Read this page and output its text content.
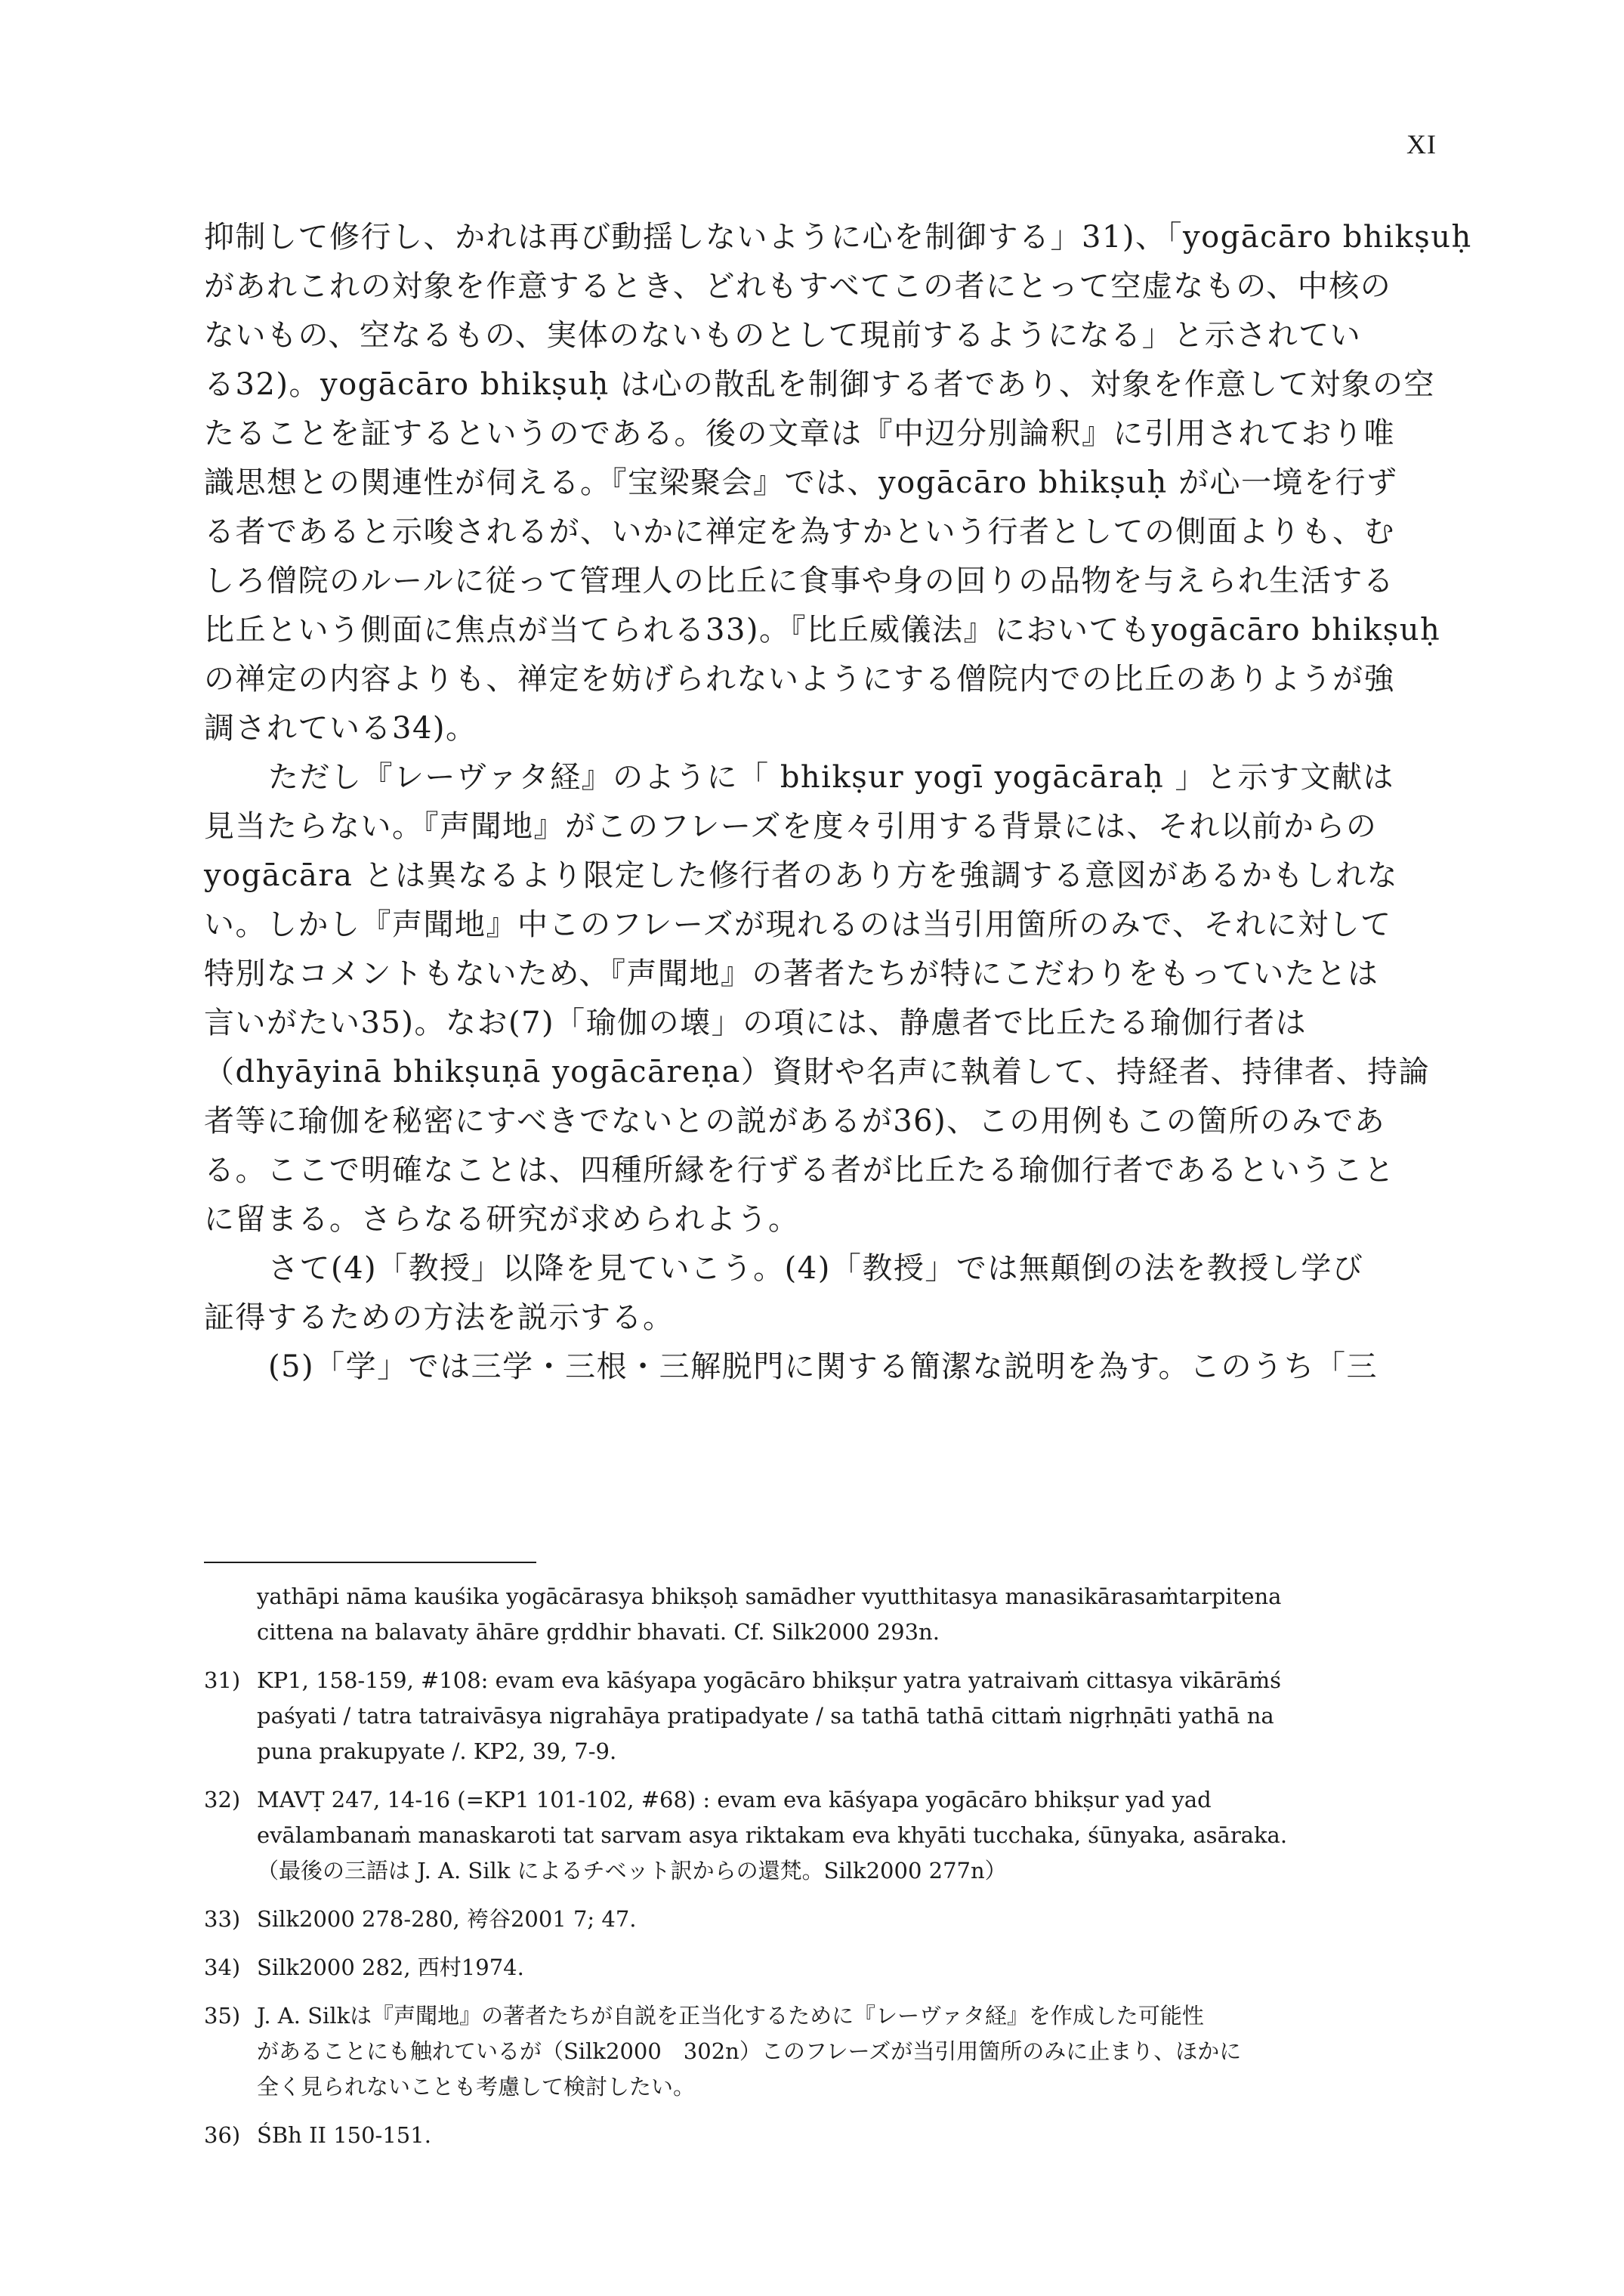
XI
抑制して修行し、かれは再び動揺しないように心を制御する」31)、「yogācāro bhikṣuḥ
があれこれの対象を作意するとき、どれもすべてこの者にとって空虚なもの、中核の
ないもの、空なるもの、実体のないものとして現前するようになる」と示されてい
る32)。yogācāro bhikṣuḥ は心の散乱を制御する者であり、対象を作意して対象の空
たることを証するというのである。後の文章は『中辺分別論釈』に引用されており唯
識思想との関連性が伺える。『宝梁聚会』では、yogācāro bhikṣuḥ が心一境を行ず
る者であると示唆されるが、いかに禅定を為すかという行者としての側面よりも、む
しろ僧院のルールに従って管理人の比丘に食事や身の回りの品物を与えられ生活する
比丘という側面に焦点が当てられる33)。『比丘威儀法』においてもyogācāro bhikṣuḥ
の禅定の内容よりも、禅定を妨げられないようにする僧院内での比丘のありようが強
調されている34)。
ただし『レーヴァタ経』のように「 bhikṣur yogī yogācāraḥ 」と示す文献は
見当たらない。『声聞地』がこのフレーズを度々引用する背景には、それ以前からの
yogācāra とは異なるより限定した修行者のあり方を強調する意図があるかもしれな
い。しかし『声聞地』中このフレーズが現れるのは当引用箇所のみで、それに対して
特別なコメントもないため、『声聞地』の著者たちが特にこだわりをもっていたとは
言いがたい35)。なお(7)「瑜伽の壊」の項には、静慮者で比丘たる瑜伽行者は
（dhyāyinā bhikṣuṇā yogācāreṇa）資財や名声に執着して、持経者、持律者、持論
者等に瑜伽を秘密にすべきでないとの説があるが36)、この用例もこの箇所のみであ
る。ここで明確なことは、四種所縁を行ずる者が比丘たる瑜伽行者であるということ
に留まる。さらなる研究が求められよう。
さて(4)「教授」以降を見ていこう。(4)「教授」では無顛倒の法を教授し学び
証得するための方法を説示する。
(5)「学」では三学・三根・三解脱門に関する簡潔な説明を為す。このうち「三
yathāpi nāma kauśika yogācārasya bhikṣoḥ samādher vyutthitasya manasikārasaṁtarpitena
cittena na balavaty āhāre gṛddhir bhavati. Cf. Silk2000 293n.
31) KP1, 158-159, #108: evam eva kāśyapa yogācāro bhikṣur yatra yatraivaṁ cittasya vikārāṁś
paśyati / tatra tatraivāsya nigrahāya pratipadyate / sa tathā tathā cittaṁ nigṛhṇāti yathā na
puna prakupyate /. KP2, 39, 7-9.
32) MAVṬ 247, 14-16 (=KP1 101-102, #68) : evam eva kāśyapa yogācāro bhikṣur yad yad
evālambanaṁ manaskaroti tat sarvam asya riktakam eva khyāti tucchaka, śūnyaka, asāraka.
（最後の三語は J. A. Silk によるチベット訳からの還梵。Silk2000 277n）
33) Silk2000 278-280, 袴谷2001 7; 47.
34) Silk2000 282, 西村1974.
35) J. A. Silkは『声聞地』の著者たちが自説を正当化するために『レーヴァタ経』を作成した可能性
があることにも触れているが（Silk2000　302n）このフレーズが当引用箇所のみに止まり、ほかに
全く見られないことも考慮して検討したい。
36) ŚBh II 150-151.
